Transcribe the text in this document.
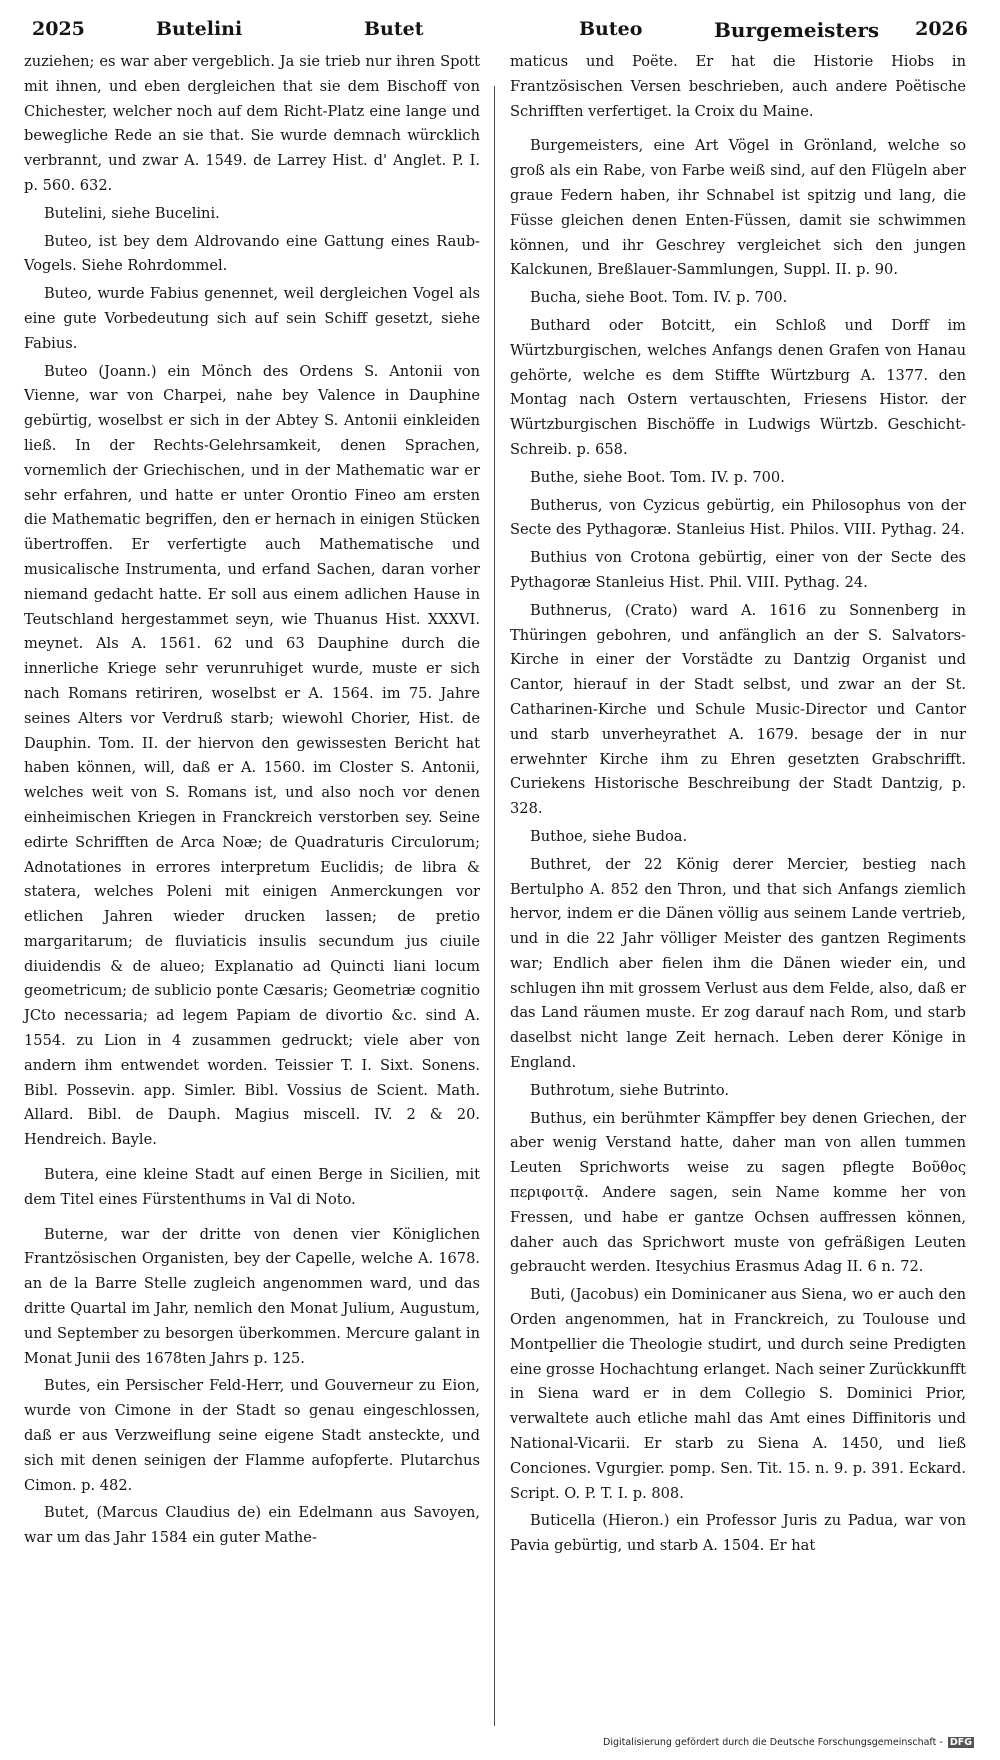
2025	Butelini	Butet	Buteo	Burgemeisters 2026

zuziehen; es war aber vergeblich. Ja sie trieb nur ihren Spott mit ihnen, und eben dergleichen that sie dem Bischoff von Chichester, welcher noch auf dem Richt-Platz eine lange und bewegliche Rede an sie that. Sie wurde demnach würcklich verbrannt, und zwar A. 1549. de Larrey Hist. d' Anglet. P. I. p. 560. 632.

Butelini, siehe Bucelini.

Buteo, ist bey dem Aldrovando eine Gattung eines Raub-Vogels. Siehe Rohrdommel.

Buteo, wurde Fabius genennet, weil dergleichen Vogel als eine gute Vorbedeutung sich auf sein Schiff gesetzt, siehe Fabius.

Buteo (Joann.) ein Mönch des Ordens S. Antonii von Vienne, war von Charpei, nahe bey Valence in Dauphine gebürtig, woselbst er sich in der Abtey S. Antonii einkleiden ließ. In der Rechts-Gelehrsamkeit, denen Sprachen, vornemlich der Griechischen, und in der Mathematic war er sehr erfahren, und hatte er unter Orontio Fineo am ersten die Mathematic begriffen, den er hernach in einigen Stücken übertroffen. Er verfertigte auch Mathematische und musicalische Instrumenta, und erfand Sachen, daran vorher niemand gedacht hatte. Er soll aus einem adlichen Hause in Teutschland hergestammet seyn, wie Thuanus Hist. XXXVI. meynet. Als A. 1561. 62 und 63 Dauphine durch die innerliche Kriege sehr verunruhiget wurde, muste er sich nach Romans retiriren, woselbst er A. 1564. im 75. Jahre seines Alters vor Verdruß starb; wiewohl Chorier, Hist. de Dauphin. Tom. II. der hiervon den gewissesten Bericht hat haben können, will, daß er A. 1560. im Closter S. Antonii, welches weit von S. Romans ist, und also noch vor denen einheimischen Kriegen in Franckreich verstorben sey. Seine edirte Schrifften de Arca Noæ; de Quadraturis Circulorum; Adnotationes in errores interpretum Euclidis; de libra & statera, welches Poleni mit einigen Anmerckungen vor etlichen Jahren wieder drucken lassen; de pretio margaritarum; de fluviaticis insulis secundum jus ciuile diuidendis & de alueo; Explanatio ad Quincti liani locum geometricum; de sublicio ponte Cæsaris; Geometriæ cognitio JCto necessaria; ad legem Papiam de divortio &c. sind A. 1554. zu Lion in 4 zusammen gedruckt; viele aber von andern ihm entwendet worden. Teissier T. I. Sixt. Sonens. Bibl. Possevin. app. Simler. Bibl. Vossius de Scient. Math. Allard. Bibl. de Dauph. Magius miscell. IV. 2 & 20. Hendreich. Bayle.

Butera, eine kleine Stadt auf einen Berge in Sicilien, mit dem Titel eines Fürstenthums in Val di Noto.

Buterne, war der dritte von denen vier Königlichen Frantzösischen Organisten, bey der Capelle, welche A. 1678. an de la Barre Stelle zugleich angenommen ward, und das dritte Quartal im Jahr, nemlich den Monat Julium, Augustum, und September zu besorgen überkommen. Mercure galant in Monat Junii des 1678ten Jahrs p. 125.

Butes, ein Persischer Feld-Herr, und Gouverneur zu Eion, wurde von Cimone in der Stadt so genau eingeschlossen, daß er aus Verzweiflung seine eigene Stadt ansteckte, und sich mit denen seinigen der Flamme aufopferte. Plutarchus Cimon. p. 482.

Butet, (Marcus Claudius de) ein Edelmann aus Savoyen, war um das Jahr 1584 ein guter Mathe-

maticus und Poëte. Er hat die Historie Hiobs in Frantzösischen Versen beschrieben, auch andere Poëtische Schrifften verfertiget. la Croix du Maine.

Burgemeisters, eine Art Vögel in Grönland, welche so groß als ein Rabe, von Farbe weiß sind, auf den Flügeln aber graue Federn haben, ihr Schnabel ist spitzig und lang, die Füsse gleichen denen Enten-Füssen, damit sie schwimmen können, und ihr Geschrey vergleichet sich den jungen Kalckunen, Breßlauer-Sammlungen, Suppl. II. p. 90.

Bucha, siehe Boot. Tom. IV. p. 700.

Buthard oder Botcitt, ein Schloß und Dorff im Würtzburgischen, welches Anfangs denen Grafen von Hanau gehörte, welche es dem Stiffte Würtzburg A. 1377. den Montag nach Ostern vertauschten, Friesens Histor. der Würtzburgischen Bischöffe in Ludwigs Würtzb. Geschicht-Schreib. p. 658.

Buthe, siehe Boot. Tom. IV. p. 700.

Butherus, von Cyzicus gebürtig, ein Philosophus von der Secte des Pythagoræ. Stanleius Hist. Philos. VIII. Pythag. 24.

Buthius von Crotona gebürtig, einer von der Secte des Pythagoræ Stanleius Hist. Phil. VIII. Pythag. 24.

Buthnerus, (Crato) ward A. 1616 zu Sonnenberg in Thüringen gebohren, und anfänglich an der S. Salvators-Kirche in einer der Vorstädte zu Dantzig Organist und Cantor, hierauf in der Stadt selbst, und zwar an der St. Catharinen-Kirche und Schule Music-Director und Cantor und starb unverheyrathet A. 1679. besage der in nur erwehnter Kirche ihm zu Ehren gesetzten Grabschrifft. Curiekens Historische Beschreibung der Stadt Dantzig, p. 328.

Buthoe, siehe Budoa.

Buthret, der 22 König derer Mercier, bestieg nach Bertulpho A. 852 den Thron, und that sich Anfangs ziemlich hervor, indem er die Dänen völlig aus seinem Lande vertrieb, und in die 22 Jahr völliger Meister des gantzen Regiments war; Endlich aber fielen ihm die Dänen wieder ein, und schlugen ihn mit grossem Verlust aus dem Felde, also, daß er das Land räumen muste. Er zog darauf nach Rom, und starb daselbst nicht lange Zeit hernach. Leben derer Könige in England.

Buthrotum, siehe Butrinto.

Buthus, ein berühmter Kämpffer bey denen Griechen, der aber wenig Verstand hatte, daher man von allen tummen Leuten Sprichworts weise zu sagen pflegte Βοῦθος περιφοιτᾷ. Andere sagen, sein Name komme her von Fressen, und habe er gantze Ochsen auffressen können, daher auch das Sprichwort muste von gefräßigen Leuten gebraucht werden. Itesychius Erasmus Adag II. 6 n. 72.

Buti, (Jacobus) ein Dominicaner aus Siena, wo er auch den Orden angenommen, hat in Franckreich, zu Toulouse und Montpellier die Theologie studirt, und durch seine Predigten eine grosse Hochachtung erlanget. Nach seiner Zurückkunfft in Siena ward er in dem Collegio S. Dominici Prior, verwaltete auch etliche mahl das Amt eines Diffinitoris und National-Vicarii. Er starb zu Siena A. 1450, und ließ Conciones. Vgurgier. pomp. Sen. Tit. 15. n. 9. p. 391. Eckard. Script. O. P. T. I. p. 808.

Buticella (Hieron.) ein Professor Juris zu Padua, war von Pavia gebürtig, und starb A. 1504. Er hat

Digitalisierung gefördert durch die Deutsche Forschungsgemeinschaft - DFG
